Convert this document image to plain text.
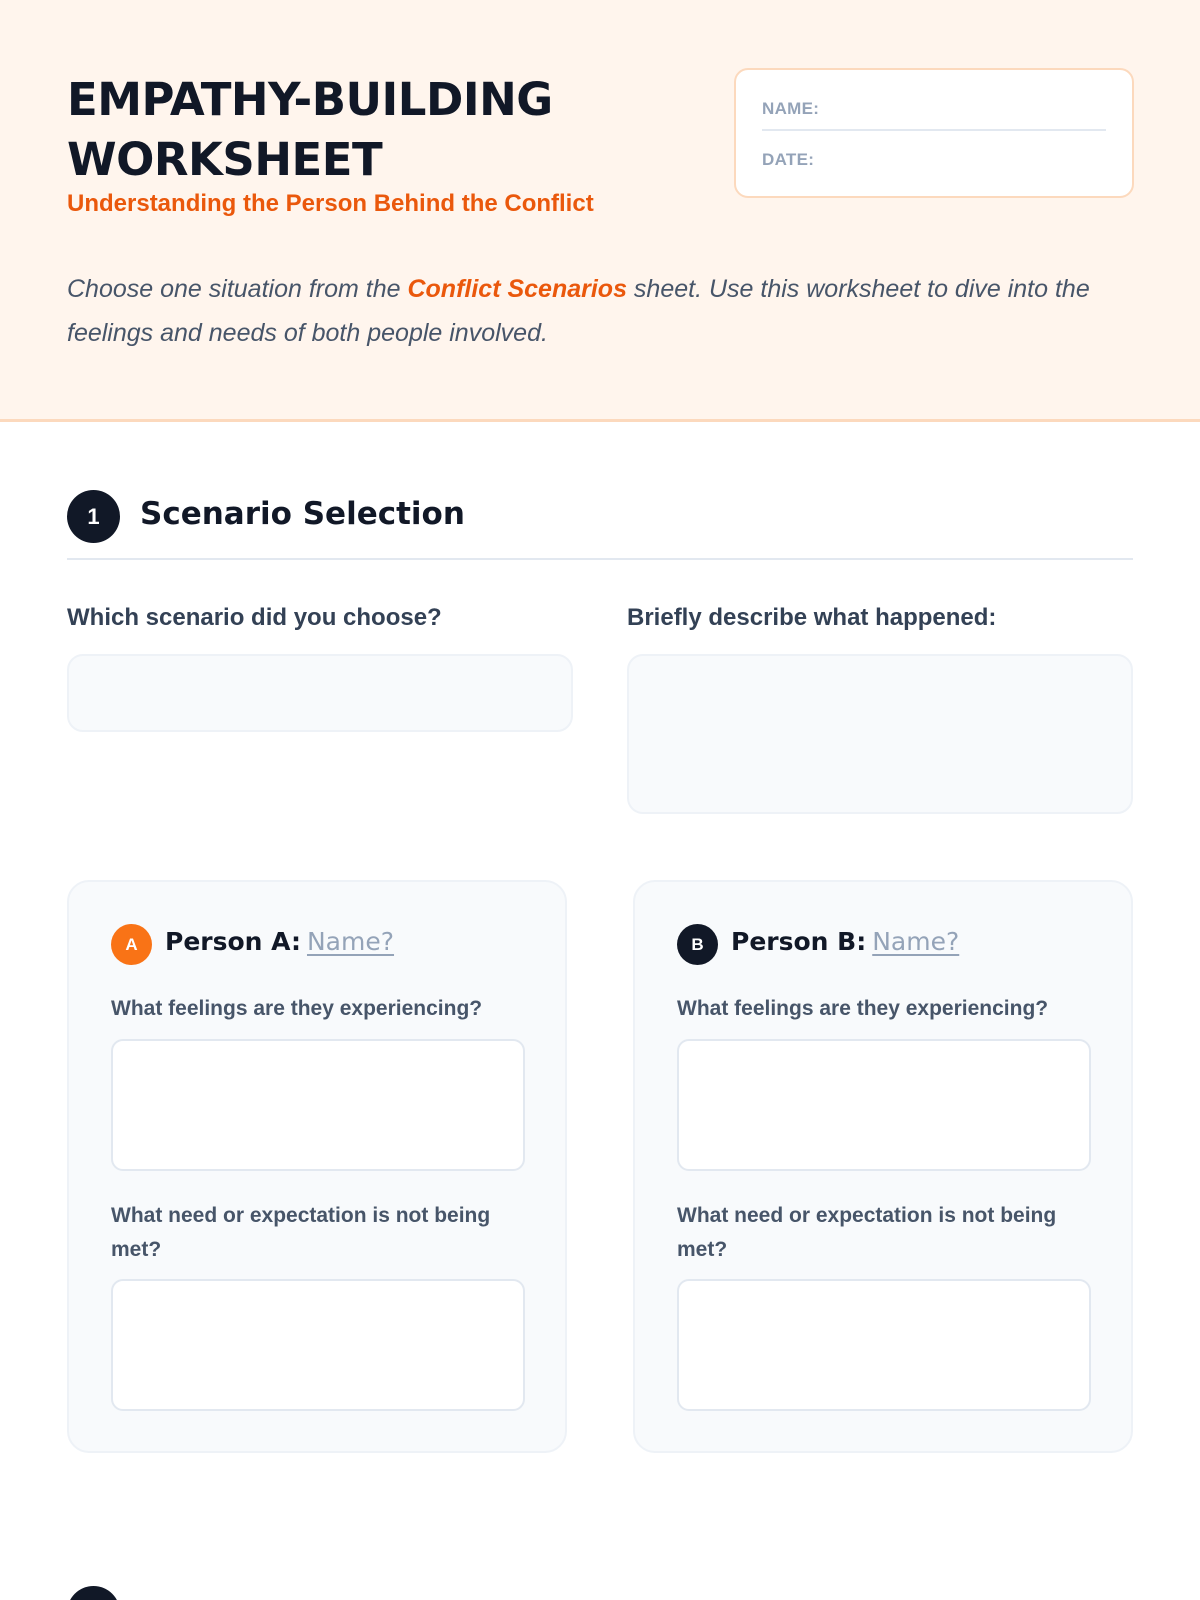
EMPATHY-BUILDING WORKSHEET
Understanding the Person Behind the Conflict
NAME:
DATE:

Choose one situation from the Conflict Scenarios sheet. Use this worksheet to dive into the feelings and needs of both people involved.

1	Scenario Selection
Which scenario did you choose?	Briefly describe what happened:
A	Person A: Name?
What feelings are they experiencing?
What need or expectation is not being met?
B	Person B: Name?
What feelings are they experiencing?
What need or expectation is not being met?
